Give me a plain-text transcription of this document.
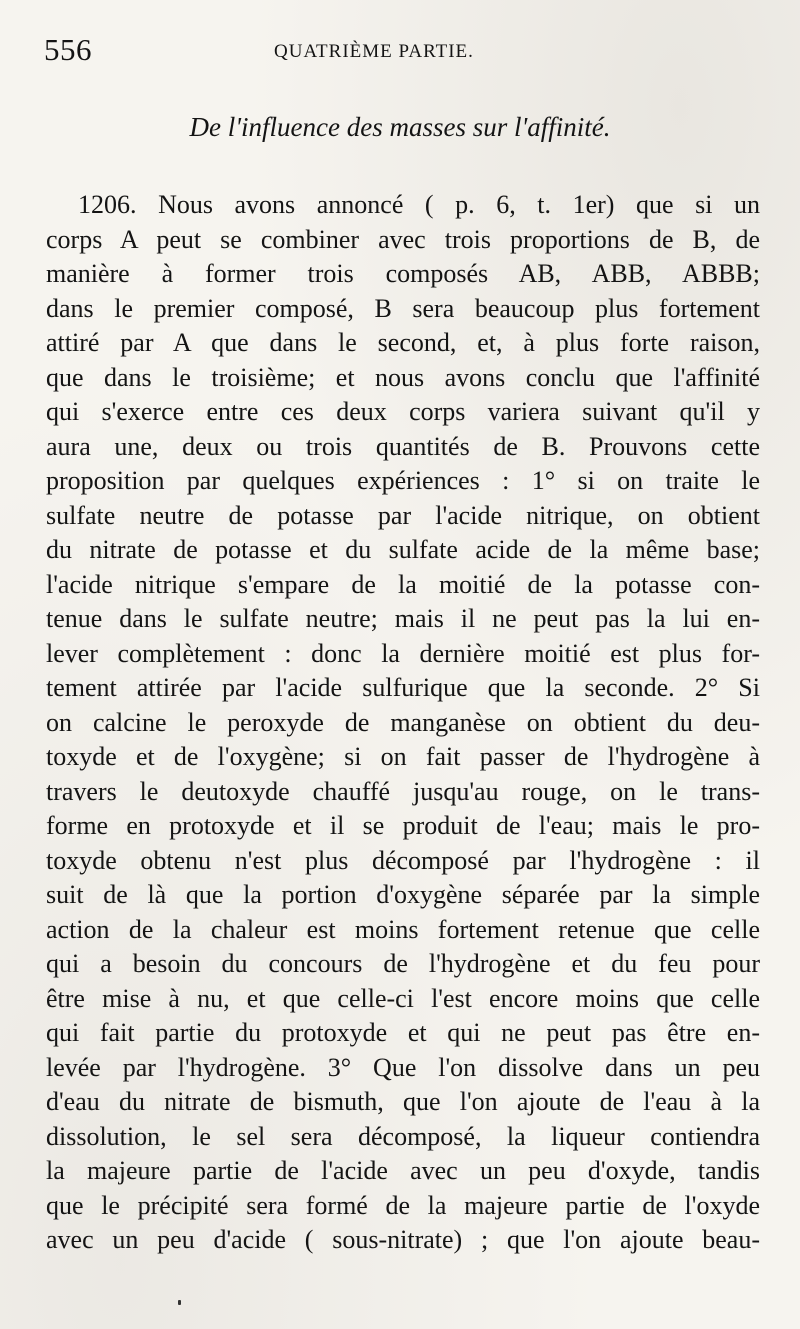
556	QUATRIÈME PARTIE.
De l'influence des masses sur l'affinité.
1206. Nous avons annoncé ( p. 6, t. 1er) que si un
corps A peut se combiner avec trois proportions de B, de
manière à former trois composés AB, ABB, ABBB;
dans le premier composé, B sera beaucoup plus fortement
attiré par A que dans le second, et, à plus forte raison,
que dans le troisième; et nous avons conclu que l'affinité
qui s'exerce entre ces deux corps variera suivant qu'il y
aura une, deux ou trois quantités de B. Prouvons cette
proposition par quelques expériences : 1° si on traite le
sulfate neutre de potasse par l'acide nitrique, on obtient
du nitrate de potasse et du sulfate acide de la même base;
l'acide nitrique s'empare de la moitié de la potasse con-
tenue dans le sulfate neutre; mais il ne peut pas la lui en-
lever complètement : donc la dernière moitié est plus for-
tement attirée par l'acide sulfurique que la seconde. 2° Si
on calcine le peroxyde de manganèse on obtient du deu-
toxyde et de l'oxygène; si on fait passer de l'hydrogène à
travers le deutoxyde chauffé jusqu'au rouge, on le trans-
forme en protoxyde et il se produit de l'eau; mais le pro-
toxyde obtenu n'est plus décomposé par l'hydrogène : il
suit de là que la portion d'oxygène séparée par la simple
action de la chaleur est moins fortement retenue que celle
qui a besoin du concours de l'hydrogène et du feu pour
être mise à nu, et que celle-ci l'est encore moins que celle
qui fait partie du protoxyde et qui ne peut pas être en-
levée par l'hydrogène. 3° Que l'on dissolve dans un peu
d'eau du nitrate de bismuth, que l'on ajoute de l'eau à la
dissolution, le sel sera décomposé, la liqueur contiendra
la majeure partie de l'acide avec un peu d'oxyde, tandis
que le précipité sera formé de la majeure partie de l'oxyde
avec un peu d'acide ( sous-nitrate) ; que l'on ajoute beau-
